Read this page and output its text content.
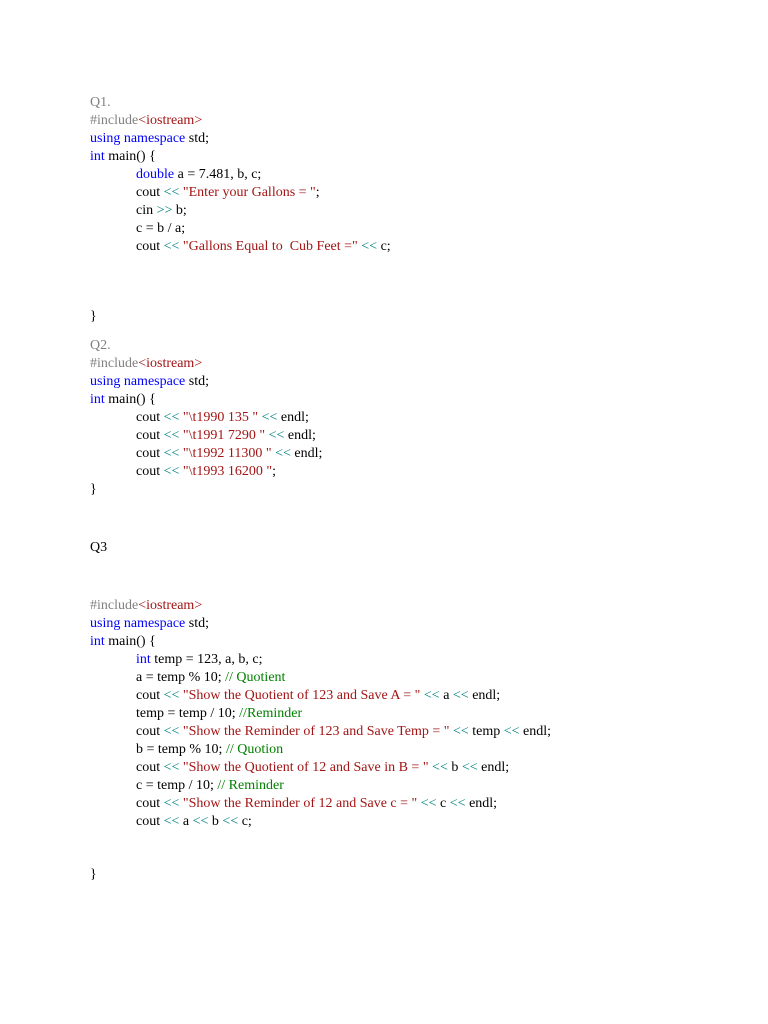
Q1.
#include<iostream>
using namespace std;
int main() {
double a = 7.481, b, c;
cout << "Enter your Gallons = ";
cin >> b;
c = b / a;
cout << "Gallons Equal to  Cub Feet =" << c;
}
Q2.
#include<iostream>
using namespace std;
int main() {
cout << "\t1990 135 " << endl;
cout << "\t1991 7290 " << endl;
cout << "\t1992 11300 " << endl;
cout << "\t1993 16200 ";
}
Q3
#include<iostream>
using namespace std;
int main() {
int temp = 123, a, b, c;
a = temp % 10; // Quotient
cout << "Show the Quotient of 123 and Save A = " << a << endl;
temp = temp / 10; //Reminder
cout << "Show the Reminder of 123 and Save Temp = " << temp << endl;
b = temp % 10; // Quotion
cout << "Show the Quotient of 12 and Save in B = " << b << endl;
c = temp / 10; // Reminder
cout << "Show the Reminder of 12 and Save c = " << c << endl;
cout << a << b << c;
}
